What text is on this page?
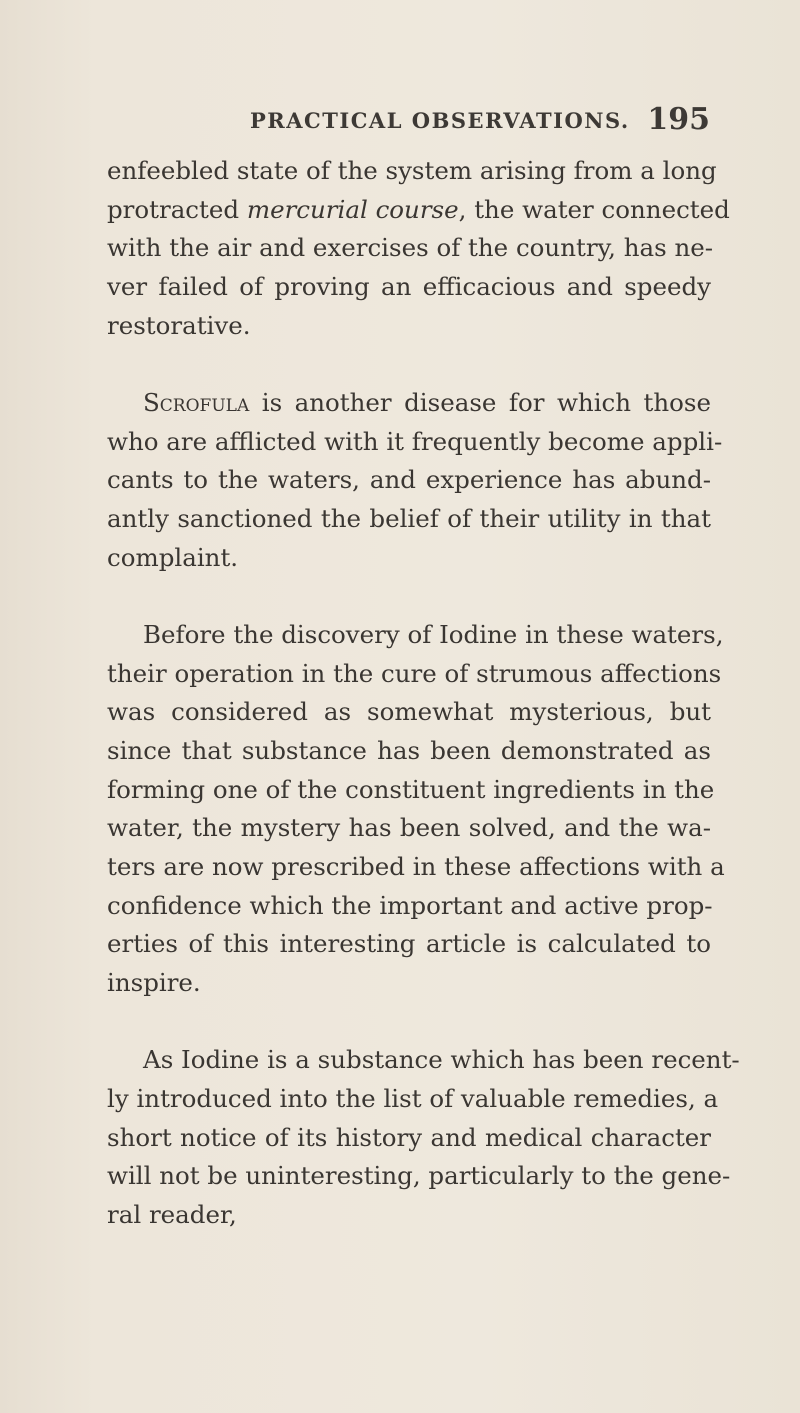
PRACTICAL OBSERVATIONS. 195

enfeebled state of the system arising from a long
protracted mercurial course, the water connected
with the air and exercises of the country, has ne-
ver failed of proving an efficacious and speedy
restorative.

Scrofula is another disease for which those
who are afflicted with it frequently become appli-
cants to the waters, and experience has abund-
antly sanctioned the belief of their utility in that
complaint.

Before the discovery of Iodine in these waters,
their operation in the cure of strumous affections
was considered as somewhat mysterious, but
since that substance has been demonstrated as
forming one of the constituent ingredients in the
water, the mystery has been solved, and the wa-
ters are now prescribed in these affections with a
confidence which the important and active prop-
erties of this interesting article is calculated to
inspire.

As Iodine is a substance which has been recent-
ly introduced into the list of valuable remedies, a
short notice of its history and medical character
will not be uninteresting, particularly to the gene-
ral reader,
